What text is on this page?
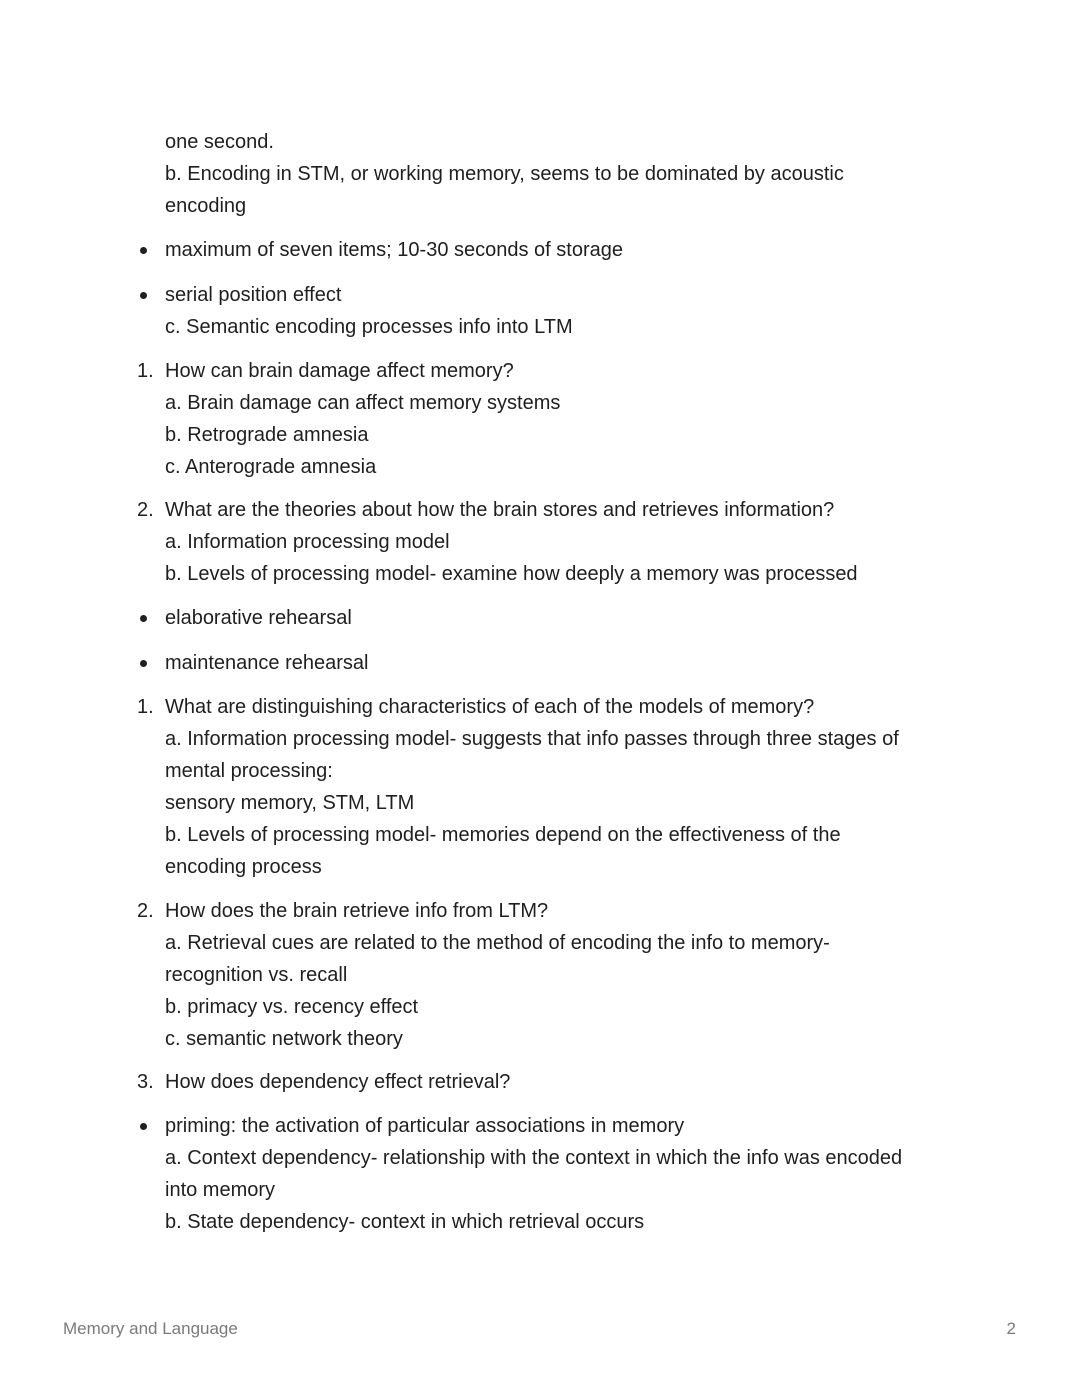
one second.
b. Encoding in STM, or working memory, seems to be dominated by acoustic
encoding
maximum of seven items; 10-30 seconds of storage
serial position effect
c. Semantic encoding processes info into LTM
1. How can brain damage affect memory?
a. Brain damage can affect memory systems
b. Retrograde amnesia
c. Anterograde amnesia
2. What are the theories about how the brain stores and retrieves information?
a. Information processing model
b. Levels of processing model- examine how deeply a memory was processed
elaborative rehearsal
maintenance rehearsal
1. What are distinguishing characteristics of each of the models of memory?
a. Information processing model- suggests that info passes through three stages of
mental processing:
sensory memory, STM, LTM
b. Levels of processing model- memories depend on the effectiveness of the
encoding process
2. How does the brain retrieve info from LTM?
a. Retrieval cues are related to the method of encoding the info to memory-
recognition vs. recall
b. primacy vs. recency effect
c. semantic network theory
3. How does dependency effect retrieval?
priming: the activation of particular associations in memory
a. Context dependency- relationship with the context in which the info was encoded
into memory
b. State dependency- context in which retrieval occurs
Memory and Language	2
